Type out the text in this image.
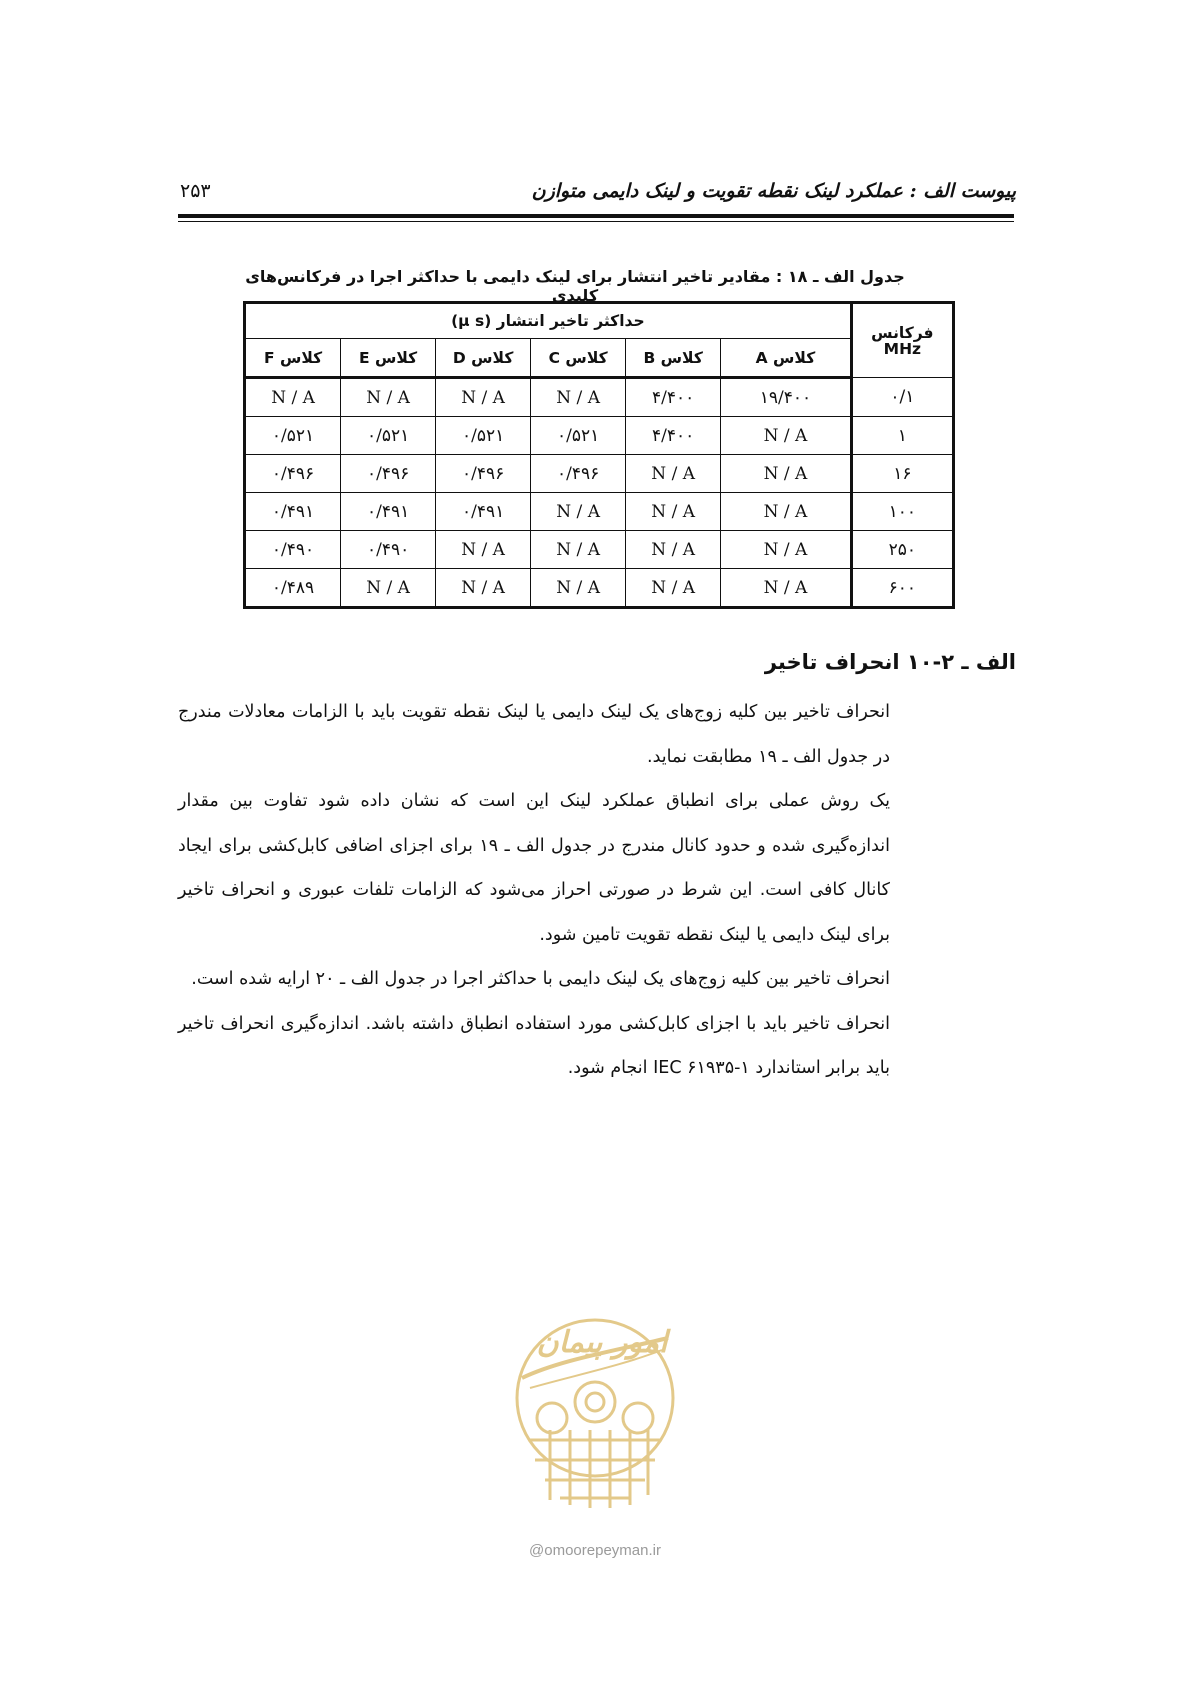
پیوست الف : عملکرد لینک نقطه تقویت و لینک دایمی متوازن
۲۵۳
جدول الف ـ ۱۸ : مقادیر تاخیر انتشار برای لینک دایمی با حداکثر اجرا در فرکانس‌های کلیدی
فرکانس
MHz	حداکثر تاخیر انتشار (µ s)					
	کلاس A	کلاس B	کلاس C	کلاس D	کلاس E	کلاس F
۰/۱	۱۹/۴۰۰	۴/۴۰۰	N / A	N / A	N / A	N / A
۱	N / A	۴/۴۰۰	۰/۵۲۱	۰/۵۲۱	۰/۵۲۱	۰/۵۲۱
۱۶	N / A	N / A	۰/۴۹۶	۰/۴۹۶	۰/۴۹۶	۰/۴۹۶
۱۰۰	N / A	N / A	N / A	۰/۴۹۱	۰/۴۹۱	۰/۴۹۱
۲۵۰	N / A	N / A	N / A	N / A	۰/۴۹۰	۰/۴۹۰
۶۰۰	N / A	N / A	N / A	N / A	N / A	۰/۴۸۹
الف ـ ۲-۱۰ انحراف تاخیر

انحراف تاخیر بین کلیه زوج‌های یک لینک دایمی یا لینک نقطه تقویت باید با الزامات معادلات مندرج در جدول الف ـ ۱۹ مطابقت نماید.

یک روش عملی برای انطباق عملکرد لینک این است که نشان داده شود تفاوت بین مقدار اندازه‌گیری شده و حدود کانال مندرج در جدول الف ـ ۱۹ برای اجزای اضافی کابل‌کشی برای ایجاد کانال کافی است. این شرط در صورتی احراز می‌شود که الزامات تلفات عبوری و انحراف تاخیر برای لینک دایمی یا لینک نقطه تقویت تامین شود.

انحراف تاخیر بین کلیه زوج‌های یک لینک دایمی با حداکثر اجرا در جدول الف ـ ۲۰ ارایه شده است.

انحراف تاخیر باید با اجزای کابل‌کشی مورد استفاده انطباق داشته باشد. اندازه‌گیری انحراف تاخیر باید برابر استاندارد IEC ۶۱۹۳۵-۱ انجام شود.

امور پیمان
@omoorepeyman.ir
